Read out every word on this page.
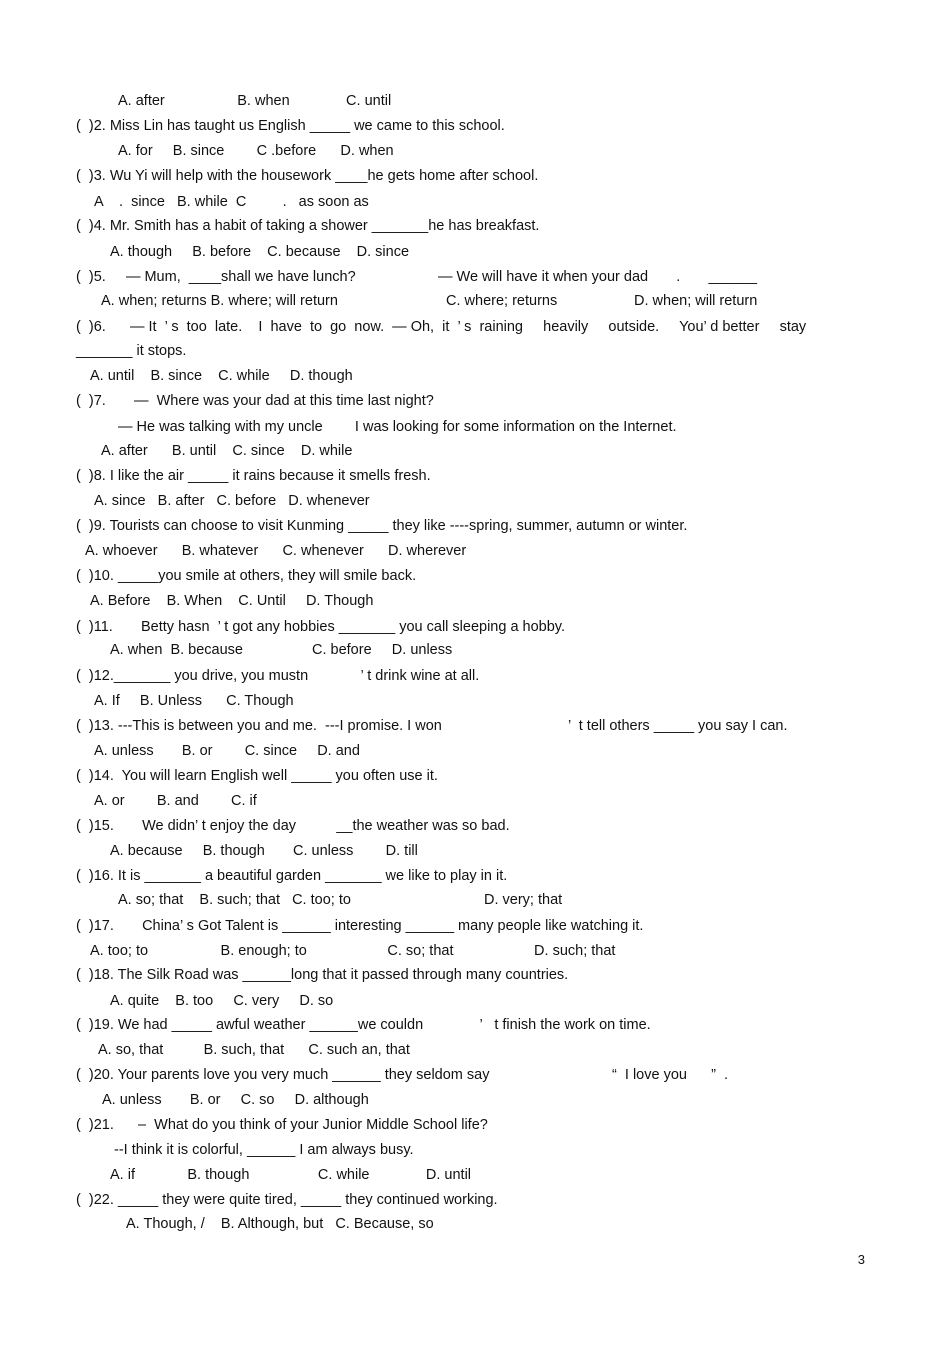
A. after                  B. when              C. until
(  )2. Miss Lin has taught us English _____ we came to this school.
A. for     B. since        C .before      D. when
(  )3. Wu Yi will help with the housework ____he gets home after school.
A    .  since   B. while  C         .   as soon as
(  )4. Mr. Smith has a habit of taking a shower _______he has breakfast.
A. though     B. before    C. because    D. since
(  )5.     — Mum,  ____shall we have lunch?	— We will have it when your dad       .       ______
A. when; returns B. where; will return	C. where; returns	D. when; will return
(  )6.      — It  ’ s  too  late.    I  have  to  go  now.  — Oh,  it  ’ s  raining     heavily     outside.     You’ d better     stay
_______ it stops.
A. until    B. since    C. while     D. though
(  )7.       —  Where was your dad at this time last night?
— He was talking with my uncle        I was looking for some information on the Internet.
A. after      B. until    C. since    D. while
(  )8. I like the air _____ it rains because it smells fresh.
A. since   B. after   C. before   D. whenever
(  )9. Tourists can choose to visit Kunming _____ they like ----spring, summer, autumn or winter.
A. whoever      B. whatever      C. whenever      D. wherever
(  )10. _____you smile at others, they will smile back.
A. Before    B. When    C. Until     D. Though
(  )11.       Betty hasn  ’ t got any hobbies _______ you call sleeping a hobby.
A. when  B. because	C. before     D. unless
(  )12._______ you drive, you mustn             ’ t drink wine at all.
A. If     B. Unless      C. Though
(  )13. ---This is between you and me.  ---I promise. I won	’  t tell others _____ you say I can.
A. unless       B. or        C. since     D. and
(  )14.  You will learn English well _____ you often use it.
A. or        B. and        C. if
(  )15.       We didn’ t enjoy the day          __the weather was so bad.
A. because     B. though       C. unless        D. till
(  )16. It is _______ a beautiful garden _______ we like to play in it.
A. so; that    B. such; that   C. too; to	D. very; that
(  )17.       China’ s Got Talent is ______ interesting ______ many people like watching it.
A. too; to                  B. enough; to                    C. so; that                    D. such; that
(  )18. The Silk Road was ______long that it passed through many countries.
A. quite    B. too     C. very     D. so
(  )19. We had _____ awful weather ______we couldn              ’   t finish the work on time.
A. so, that          B. such, that      C. such an, that
(  )20. Your parents love you very much ______ they seldom say	“  I love you      ”  .
A. unless       B. or     C. so     D. although
(  )21.      –  What do you think of your Junior Middle School life?
--I think it is colorful, ______ I am always busy.
A. if             B. though                 C. while              D. until
(  )22. _____ they were quite tired, _____ they continued working.
A. Though, /    B. Although, but   C. Because, so
3
